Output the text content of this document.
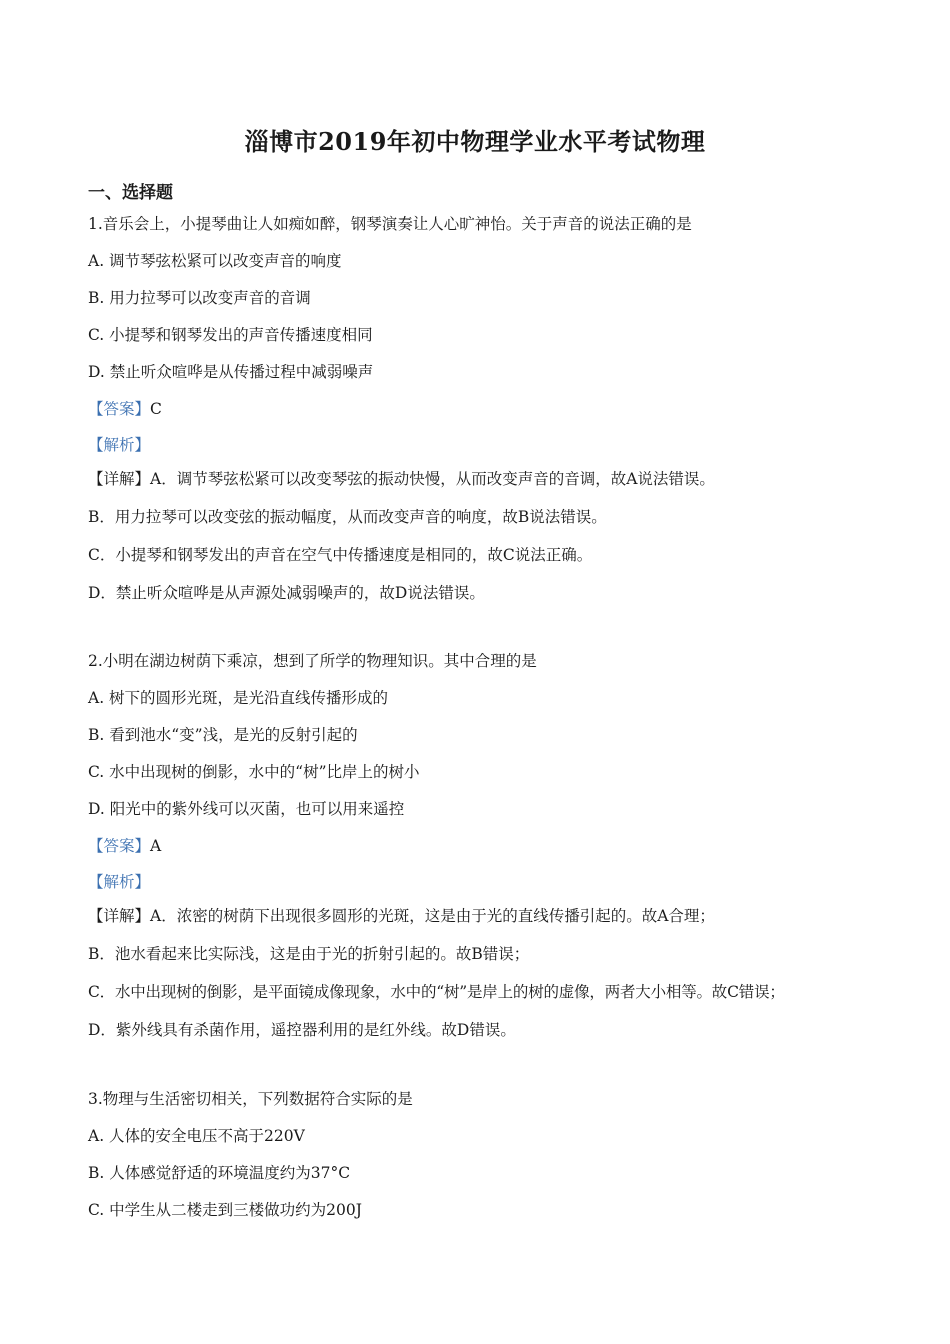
淄博市2019年初中物理学业水平考试物理
一、选择题
1.音乐会上，小提琴曲让人如痴如醉，钢琴演奏让人心旷神怡。关于声音的说法正确的是
A. 调节琴弦松紧可以改变声音的响度
B. 用力拉琴可以改变声音的音调
C. 小提琴和钢琴发出的声音传播速度相同
D. 禁止听众喧哗是从传播过程中减弱噪声
【答案】C
【解析】
【详解】A．调节琴弦松紧可以改变琴弦的振动快慢，从而改变声音的音调，故A说法错误。
B．用力拉琴可以改变弦的振动幅度，从而改变声音的响度，故B说法错误。
C．小提琴和钢琴发出的声音在空气中传播速度是相同的，故C说法正确。
D．禁止听众喧哗是从声源处减弱噪声的，故D说法错误。
2.小明在湖边树荫下乘凉，想到了所学的物理知识。其中合理的是
A. 树下的圆形光斑，是光沿直线传播形成的
B. 看到池水“变”浅，是光的反射引起的
C. 水中出现树的倒影，水中的“树”比岸上的树小
D. 阳光中的紫外线可以灭菌，也可以用来遥控
【答案】A
【解析】
【详解】A．浓密的树荫下出现很多圆形的光斑，这是由于光的直线传播引起的。故A合理；
B．池水看起来比实际浅，这是由于光的折射引起的。故B错误；
C．水中出现树的倒影，是平面镜成像现象，水中的“树”是岸上的树的虚像，两者大小相等。故C错误；
D．紫外线具有杀菌作用，遥控器利用的是红外线。故D错误。
3.物理与生活密切相关，下列数据符合实际的是
A. 人体的安全电压不高于220V
B. 人体感觉舒适的环境温度约为37°C
C. 中学生从二楼走到三楼做功约为200J
